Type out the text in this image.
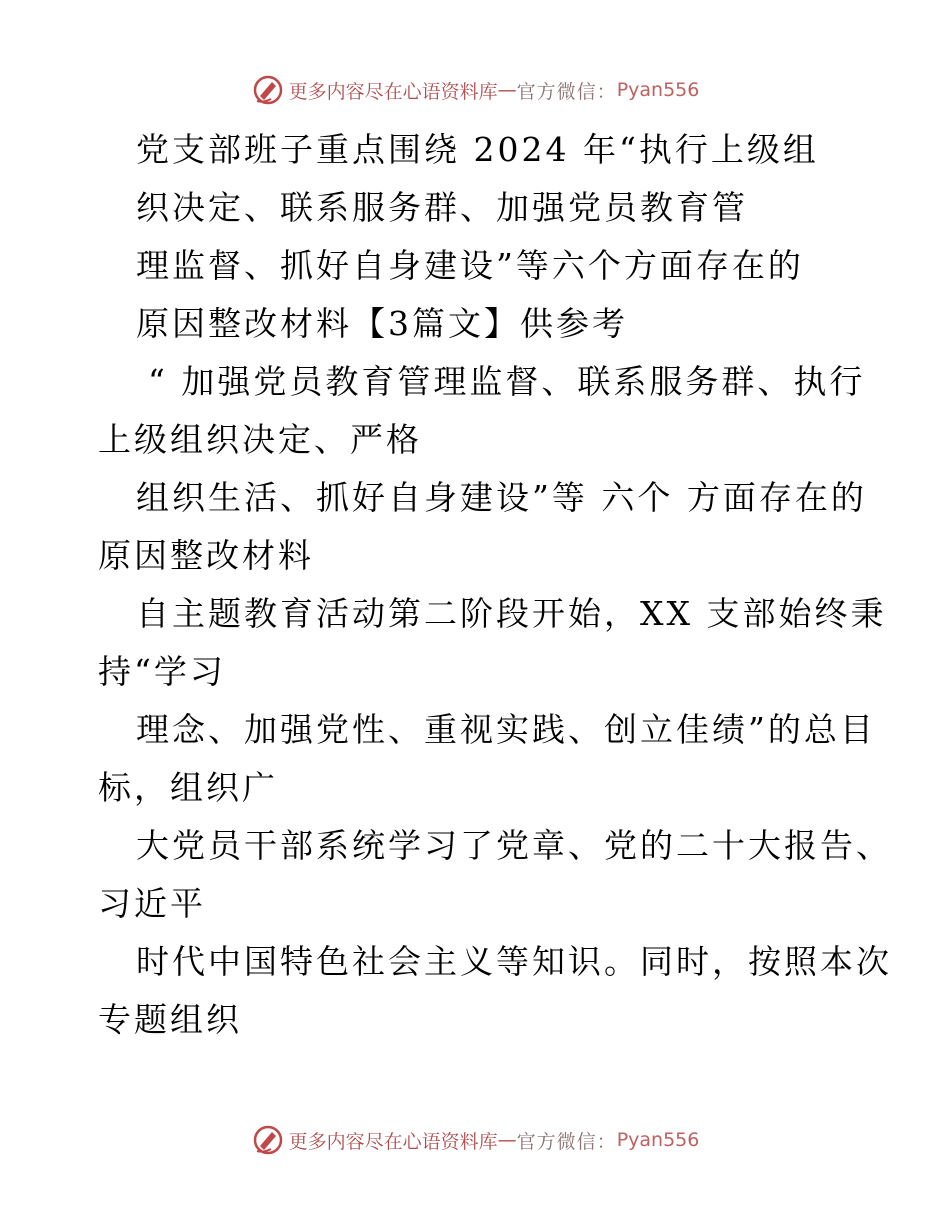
更多内容尽在心语资料库 — 官方微信： Pyan556
党支部班子重点围绕 2024 年“执行上级组
织决定、联系服务群、加强党员教育管
理监督、抓好自身建设”等六个方面存在的
原因整改材料【3篇文】供参考
“ 加强党员教育管理监督、联系服务群、执行
上级组织决定、严格
组织生活、抓好自身建设”等 六个 方面存在的
原因整改材料
自主题教育活动第二阶段开始，XX 支部始终秉
持“学习
理念、加强党性、重视实践、创立佳绩”的总目
标，组织广
大党员干部系统学习了党章、党的二十大报告、
习近平
时代中国特色社会主义等知识。同时，按照本次
专题组织
更多内容尽在心语资料库 — 官方微信： Pyan556
